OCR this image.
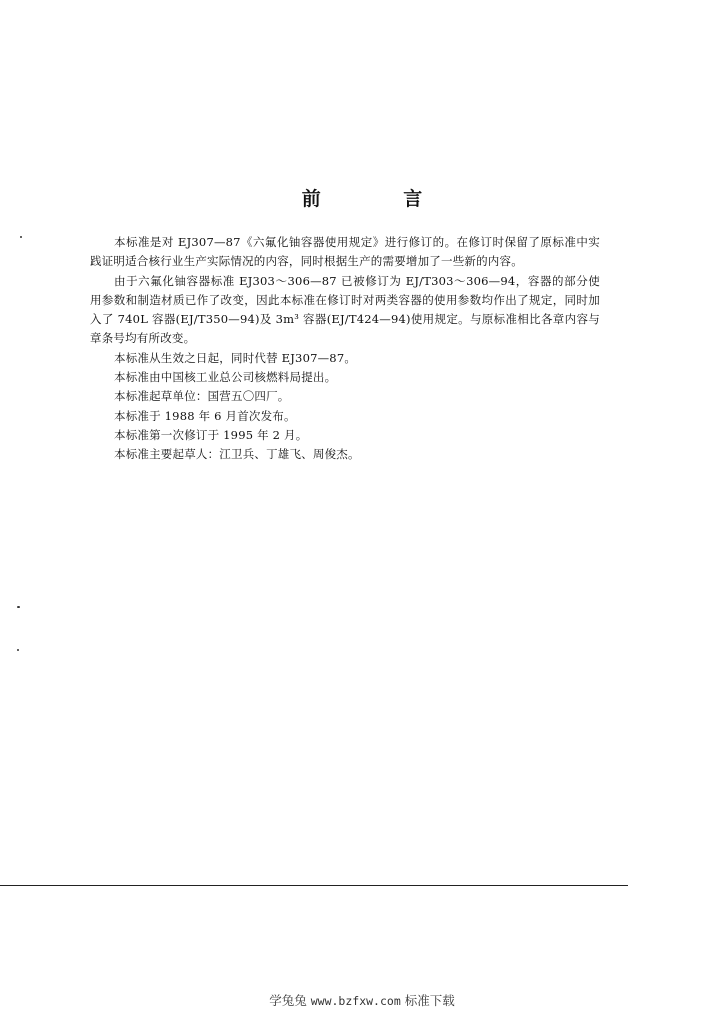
前 言

本标准是对 EJ307—87《六氟化铀容器使用规定》进行修订的。在修订时保留了原标准中实践证明适合核行业生产实际情况的内容，同时根据生产的需要增加了一些新的内容。

由于六氟化铀容器标准 EJ303～306—87 已被修订为 EJ/T303～306—94，容器的部分使用参数和制造材质已作了改变，因此本标准在修订时对两类容器的使用参数均作出了规定，同时加入了 740L 容器(EJ/T350—94)及 3m³ 容器(EJ/T424—94)使用规定。与原标准相比各章内容与章条号均有所改变。

本标准从生效之日起，同时代替 EJ307—87。

本标准由中国核工业总公司核燃料局提出。

本标准起草单位：国营五〇四厂。

本标准于 1988 年 6 月首次发布。

本标准第一次修订于 1995 年 2 月。

本标准主要起草人：江卫兵、丁雄飞、周俊杰。

学兔兔 www.bzfxw.com 标准下载
